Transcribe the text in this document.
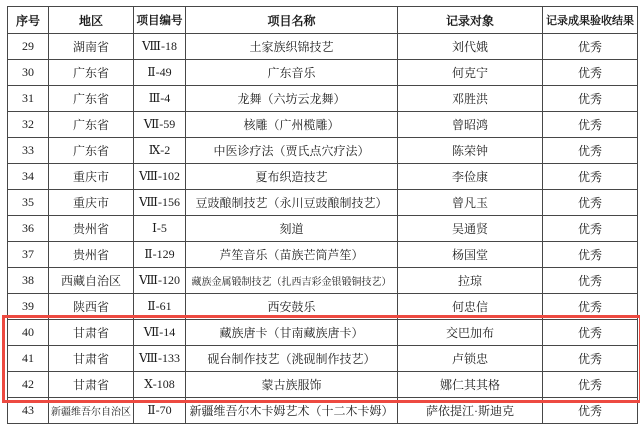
序号	地区	项目编号	项目名称	记录对象	记录成果验收结果
29	湖南省	Ⅷ-18	土家族织锦技艺	刘代娥	优秀
30	广东省	Ⅱ-49	广东音乐	何克宁	优秀
31	广东省	Ⅲ-4	龙舞（六坊云龙舞）	邓胜洪	优秀
32	广东省	Ⅶ-59	核雕（广州榄雕）	曾昭鸿	优秀
33	广东省	Ⅸ-2	中医诊疗法（贾氏点穴疗法）	陈荣钟	优秀
34	重庆市	Ⅷ-102	夏布织造技艺	李俭康	优秀
35	重庆市	Ⅷ-156	豆豉酿制技艺（永川豆豉酿制技艺）	曾凡玉	优秀
36	贵州省	Ⅰ-5	刻道	吴通贤	优秀
37	贵州省	Ⅱ-129	芦笙音乐（苗族芒筒芦笙）	杨国堂	优秀
38	西藏自治区	Ⅷ-120	藏族金属锻制技艺（扎西吉彩金银锻铜技艺）	拉琼	优秀
39	陕西省	Ⅱ-61	西安鼓乐	何忠信	优秀
40	甘肃省	Ⅶ-14	藏族唐卡（甘南藏族唐卡）	交巴加布	优秀
41	甘肃省	Ⅷ-133	砚台制作技艺（洮砚制作技艺）	卢锁忠	优秀
42	甘肃省	Ⅹ-108	蒙古族服饰	娜仁其其格	优秀
43	新疆维吾尔自治区	Ⅱ-70	新疆维吾尔木卡姆艺术（十二木卡姆）	萨依提江·斯迪克	优秀
